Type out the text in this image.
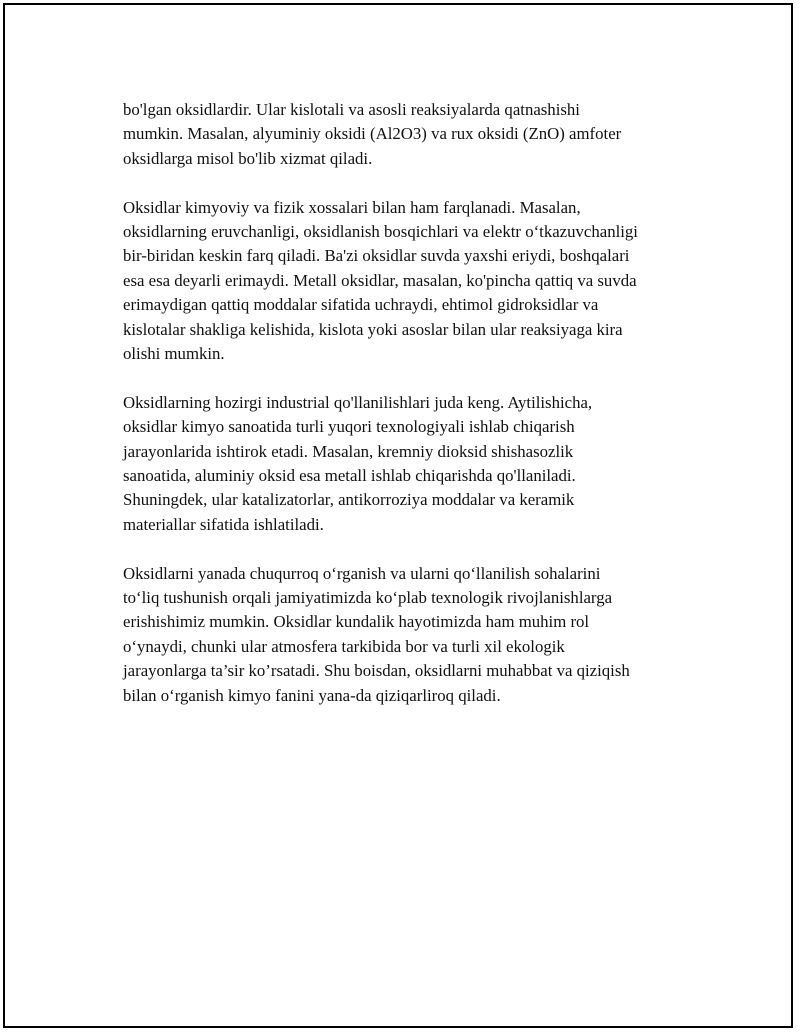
bo'lgan oksidlardir. Ular kislotali va asosli reaksiyalarda qatnashishi
mumkin. Masalan, alyuminiy oksidi (Al2O3) va rux oksidi (ZnO) amfoter
oksidlarga misol bo'lib xizmat qiladi.

Oksidlar kimyoviy va fizik xossalari bilan ham farqlanadi. Masalan,
oksidlarning eruvchanligi, oksidlanish bosqichlari va elektr o‘tkazuvchanligi
bir-biridan keskin farq qiladi. Ba'zi oksidlar suvda yaxshi eriydi, boshqalari
esa esa deyarli erimaydi. Metall oksidlar, masalan, ko'pincha qattiq va suvda
erimaydigan qattiq moddalar sifatida uchraydi, ehtimol gidroksidlar va
kislotalar shakliga kelishida, kislota yoki asoslar bilan ular reaksiyaga kira
olishi mumkin.

Oksidlarning hozirgi industrial qo'llanilishlari juda keng. Aytilishicha,
oksidlar kimyo sanoatida turli yuqori texnologiyali ishlab chiqarish
jarayonlarida ishtirok etadi. Masalan, kremniy dioksid shishasozlik
sanoatida, aluminiy oksid esa metall ishlab chiqarishda qo'llaniladi.
Shuningdek, ular katalizatorlar, antikorroziya moddalar va keramik
materiallar sifatida ishlatiladi.

Oksidlarni yanada chuqurroq o‘rganish va ularni qo‘llanilish sohalarini
to‘liq tushunish orqali jamiyatimizda ko‘plab texnologik rivojlanishlarga
erishishimiz mumkin. Oksidlar kundalik hayotimizda ham muhim rol
o‘ynaydi, chunki ular atmosfera tarkibida bor va turli xil ekologik
jarayonlarga ta’sir ko’rsatadi. Shu boisdan, oksidlarni muhabbat va qiziqish
bilan o‘rganish kimyo fanini yana-da qiziqarliroq qiladi.
